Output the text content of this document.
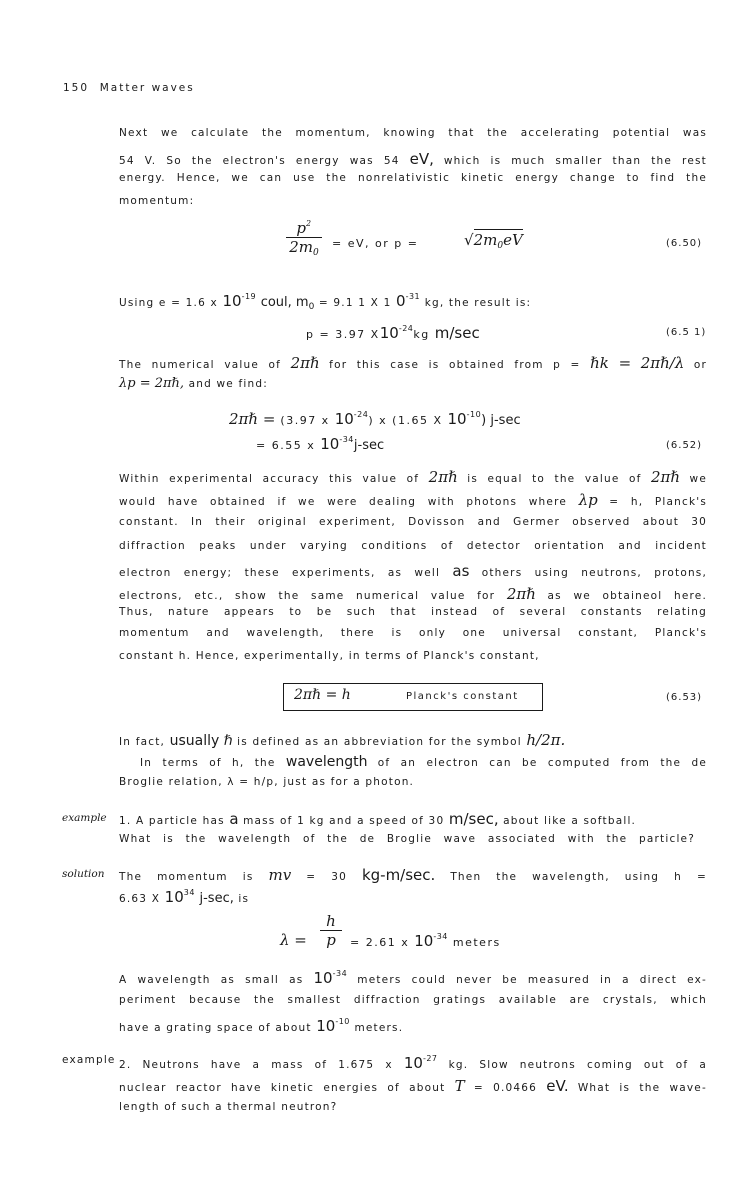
150 Matter waves
Next we calculate the momentum, knowing that the accelerating potential was
54 V. So the electron's energy was 54 eV, which is much smaller than the rest
energy. Hence, we can use the nonrelativistic kinetic energy change to find the
momentum:
$p^2$
$2m_0$
= eV, or p =	$√2m_0eV$	(6.50)
Using e = 1.6 x $10^{-19}$ coul, $m_0 = 9.1$ 1 X 1 $0^{-31}$ kg, the result is:
p = 3.97 $X10^{-24}kg$ m/sec	(6.5 1)
The numerical value of 2πℏ for this case is obtained from p = ℏk = 2πℏ/λ or
λp = 2πℏ, and we find:
2πℏ = (3.97 x $10^{-24}$) x (1.65 X $10^{-10}$) j-sec
= 6.55 x $10^{-34}j-\sec$	(6.52)
Within experimental accuracy this value of 2πℏ is equal to the value of 2πℏ we
would have obtained if we were dealing with photons where λp = h, Planck's
constant. In their original experiment, Dovisson and Germer observed about 30
diffraction peaks under varying conditions of detector orientation and incident
electron energy; these experiments, as well as others using neutrons, protons,
electrons, etc., show the same numerical value for 2πℏ as we obtaineol here.
Thus, nature appears to be such that instead of several constants relating
momentum and wavelength, there is only one universal constant, Planck's
constant h. Hence, experimentally, in terms of Planck's constant,
2πℏ = h	Planck's constant	(6.53)
In fact, usually ℏ is defined as an abbreviation for the symbol h/2π.
In terms of h, the wavelength of an electron can be computed from the de
Broglie relation, λ = h/p, just as for a photon.
example 1. A particle has a mass of 1 kg and a speed of 30 m/sec, about like a softball.
What is the wavelength of the de Broglie wave associated with the particle?
solution The momentum is mv = 30 kg-m/sec. Then the wavelength, using h =
6.63 X $10^{34}$ j-sec, is
λ =
h
p	= 2.61 x $10^{-34}$ meters
A wavelength as small as $10^{-34}$ meters could never be measured in a direct ex-
periment because the smallest diffraction gratings available are crystals, which
have a grating space of about $10^{-10}$ meters.
example 2. Neutrons have a mass of 1.675 x $10^{-27}$ kg. Slow neutrons coming out of a
nuclear reactor have kinetic energies of about T = 0.0466 eV. What is the wave-
length of such a thermal neutron?
